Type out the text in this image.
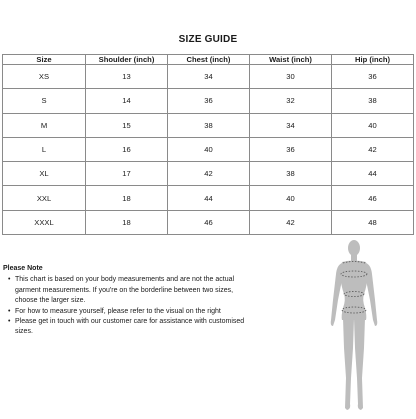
SIZE GUIDE
Size	Shoulder (inch)	Chest (inch)	Waist (inch)	Hip (inch)
XS	13	34	30	36
S	14	36	32	38
M	15	38	34	40
L	16	40	36	42
XL	17	42	38	44
XXL	18	44	40	46
XXXL	18	46	42	48
Please Note
• This chart is based on your body measurements and are not the actual garment measurements. If you're on the borderline between two sizes, choose the larger size.
• For how to measure yourself, please refer to the visual on the right
• Please get in touch with our customer care for assistance with customised sizes.
